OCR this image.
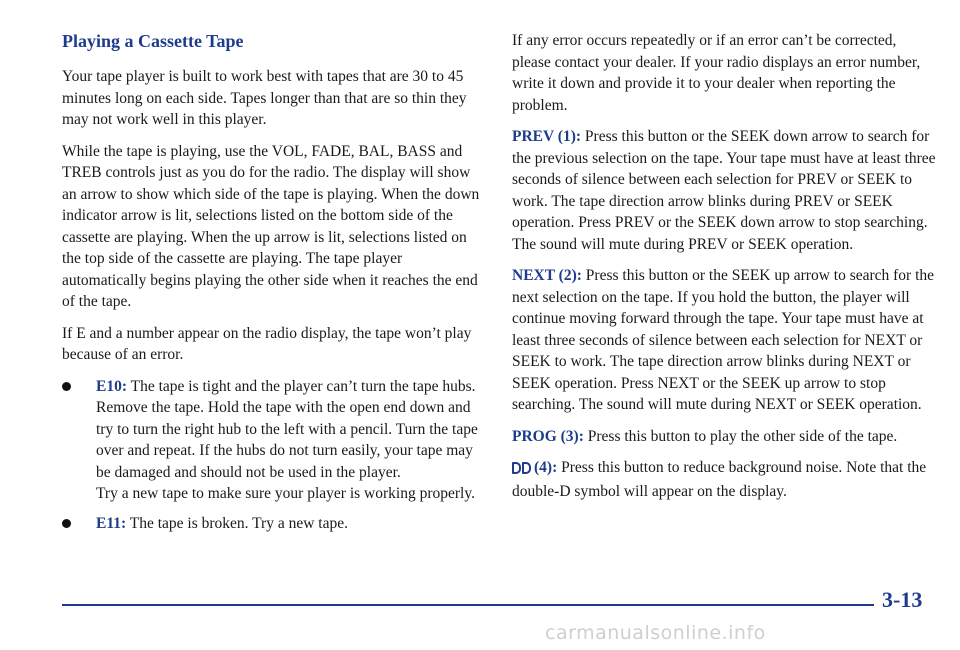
Playing a Cassette Tape

Your tape player is built to work best with tapes that are 30 to 45 minutes long on each side. Tapes longer than that are so thin they may not work well in this player.

While the tape is playing, use the VOL, FADE, BAL, BASS and TREB controls just as you do for the radio. The display will show an arrow to show which side of the tape is playing. When the down indicator arrow is lit, selections listed on the bottom side of the cassette are playing. When the up arrow is lit, selections listed on the top side of the cassette are playing. The tape player automatically begins playing the other side when it reaches the end of the tape.

If E and a number appear on the radio display, the tape won’t play because of an error.

E10: The tape is tight and the player can’t turn the tape hubs. Remove the tape. Hold the tape with the open end down and try to turn the right hub to the left with a pencil. Turn the tape over and repeat. If the hubs do not turn easily, your tape may be damaged and should not be used in the player.
Try a new tape to make sure your player is working properly.
E11: The tape is broken. Try a new tape.

If any error occurs repeatedly or if an error can’t be corrected, please contact your dealer. If your radio displays an error number, write it down and provide it to your dealer when reporting the problem.

PREV (1): Press this button or the SEEK down arrow to search for the previous selection on the tape. Your tape must have at least three seconds of silence between each selection for PREV or SEEK to work. The tape direction arrow blinks during PREV or SEEK operation. Press PREV or the SEEK down arrow to stop searching. The sound will mute during PREV or SEEK operation.

NEXT (2): Press this button or the SEEK up arrow to search for the next selection on the tape. If you hold the button, the player will continue moving forward through the tape. Your tape must have at least three seconds of silence between each selection for NEXT or SEEK to work. The tape direction arrow blinks during NEXT or SEEK operation. Press NEXT or the SEEK up arrow to stop searching. The sound will mute during NEXT or SEEK operation.

PROG (3): Press this button to play the other side of the tape.

(4): Press this button to reduce background noise. Note that the double-D symbol will appear on the display.

3-13
carmanualsonline.info
